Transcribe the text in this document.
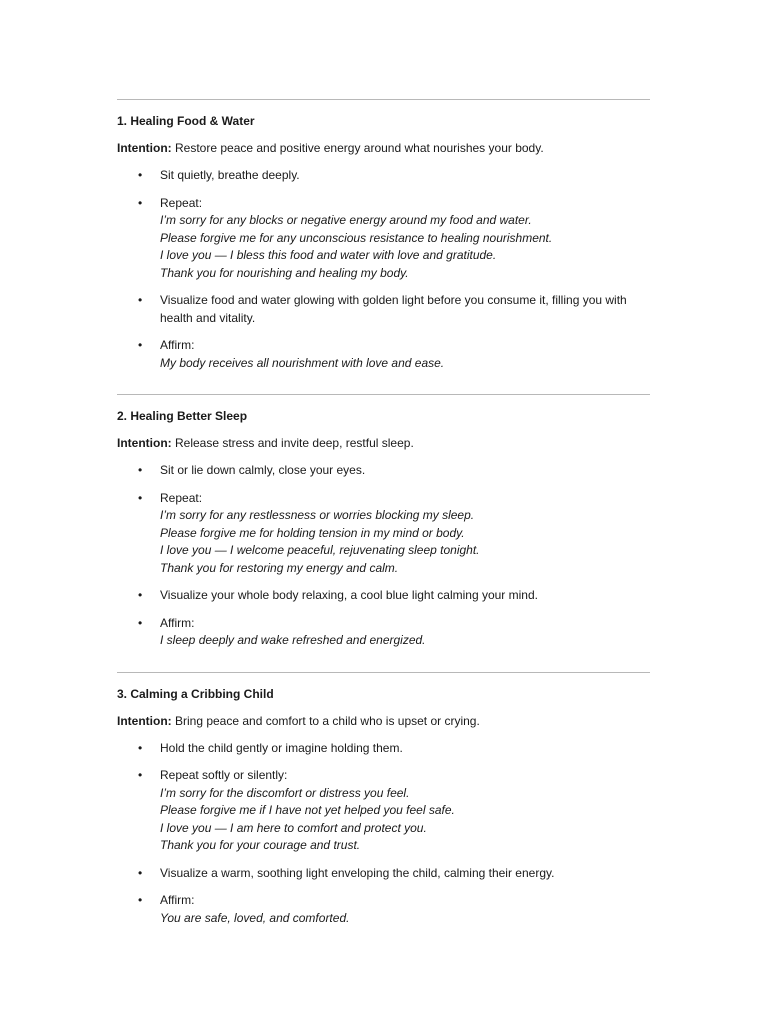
1. Healing Food & Water
Intention: Restore peace and positive energy around what nourishes your body.
• Sit quietly, breathe deeply.
• Repeat:
I’m sorry for any blocks or negative energy around my food and water.
Please forgive me for any unconscious resistance to healing nourishment.
I love you — I bless this food and water with love and gratitude.
Thank you for nourishing and healing my body.
• Visualize food and water glowing with golden light before you consume it, filling you with health and vitality.
• Affirm:
My body receives all nourishment with love and ease.
2. Healing Better Sleep
Intention: Release stress and invite deep, restful sleep.
• Sit or lie down calmly, close your eyes.
• Repeat:
I’m sorry for any restlessness or worries blocking my sleep.
Please forgive me for holding tension in my mind or body.
I love you — I welcome peaceful, rejuvenating sleep tonight.
Thank you for restoring my energy and calm.
• Visualize your whole body relaxing, a cool blue light calming your mind.
• Affirm:
I sleep deeply and wake refreshed and energized.
3. Calming a Cribbing Child
Intention: Bring peace and comfort to a child who is upset or crying.
• Hold the child gently or imagine holding them.
• Repeat softly or silently:
I’m sorry for the discomfort or distress you feel.
Please forgive me if I have not yet helped you feel safe.
I love you — I am here to comfort and protect you.
Thank you for your courage and trust.
• Visualize a warm, soothing light enveloping the child, calming their energy.
• Affirm:
You are safe, loved, and comforted.
